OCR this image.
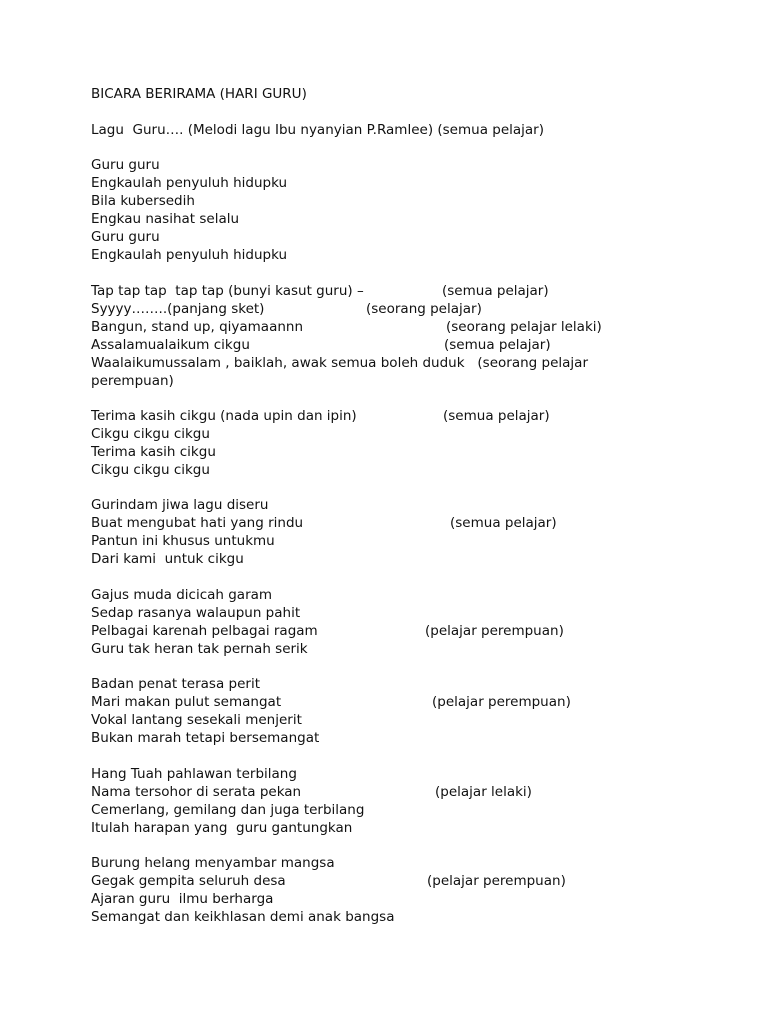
BICARA BERIRAMA (HARI GURU)
Lagu  Guru…. (Melodi lagu Ibu nyanyian P.Ramlee) (semua pelajar)
Guru guru
Engkaulah penyuluh hidupku
Bila kubersedih
Engkau nasihat selalu
Guru guru
Engkaulah penyuluh hidupku
Tap tap tap  tap tap (bunyi kasut guru) –	(semua pelajar)
Syyyy……..(panjang sket)	(seorang pelajar)
Bangun, stand up, qiyamaannn	(seorang pelajar lelaki)
Assalamualaikum cikgu	(semua pelajar)
Waalaikumussalam , baiklah, awak semua boleh duduk   (seorang pelajar
perempuan)
Terima kasih cikgu (nada upin dan ipin)	(semua pelajar)
Cikgu cikgu cikgu
Terima kasih cikgu
Cikgu cikgu cikgu
Gurindam jiwa lagu diseru
Buat mengubat hati yang rindu	(semua pelajar)
Pantun ini khusus untukmu
Dari kami  untuk cikgu
Gajus muda dicicah garam
Sedap rasanya walaupun pahit
Pelbagai karenah pelbagai ragam	(pelajar perempuan)
Guru tak heran tak pernah serik
Badan penat terasa perit
Mari makan pulut semangat	(pelajar perempuan)
Vokal lantang sesekali menjerit
Bukan marah tetapi bersemangat
Hang Tuah pahlawan terbilang
Nama tersohor di serata pekan	(pelajar lelaki)
Cemerlang, gemilang dan juga terbilang
Itulah harapan yang  guru gantungkan
Burung helang menyambar mangsa
Gegak gempita seluruh desa	(pelajar perempuan)
Ajaran guru  ilmu berharga
Semangat dan keikhlasan demi anak bangsa
